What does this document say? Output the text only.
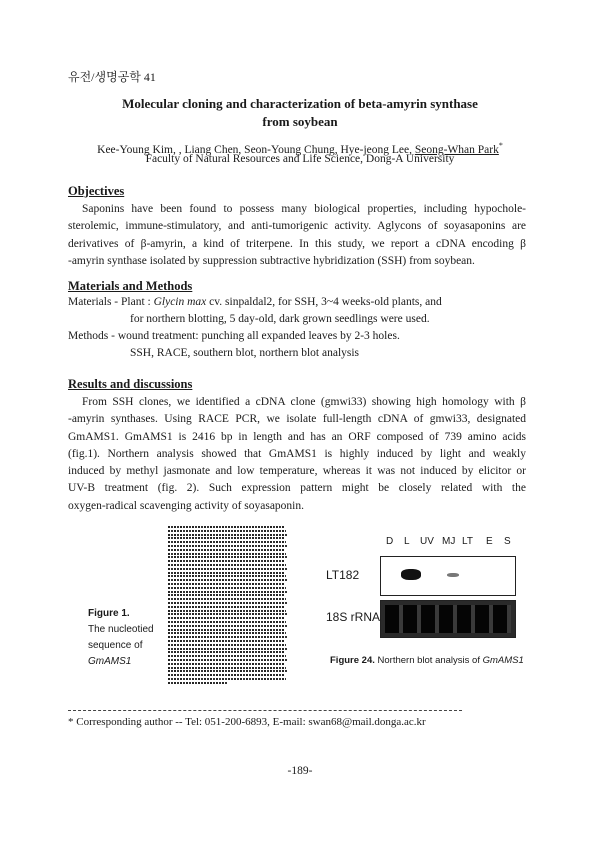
유전/생명공학 41
Molecular cloning and characterization of beta-amyrin synthase
from soybean
Kee-Young Kim, , Liang Chen, Seon-Young Chung, Hye-jeong Lee, Seong-Whan Park*
Faculty of Natural Resources and Life Science, Dong-A University
Objectives
Saponins have been found to possess many biological properties, including hypochole-
sterolemic, immune-stimulatory, and anti-tumorigenic activity. Aglycons of soyasaponins are
derivatives of β-amyrin, a kind of triterpene. In this study, we report a cDNA encoding β
-amyrin synthase isolated by suppression subtractive hybridization (SSH) from soybean.
Materials and Methods
Materials - Plant : Glycin max cv. sinpaldal2, for SSH, 3~4 weeks-old plants, and
for northern blotting, 5 day-old, dark grown seedlings were used.
Methods - wound treatment: punching all expanded leaves by 2-3 holes.
SSH, RACE, southern blot, northern blot analysis
Results and discussions
From SSH clones, we identified a cDNA clone (gmwi33) showing high homology with β
-amyrin synthases. Using RACE PCR, we isolate full-length cDNA of gmwi33, designated
GmAMS1. GmAMS1 is 2416 bp in length and has an ORF composed of 739 amino acids
(fig.1). Northern analysis showed that GmAMS1 is highly induced by light and weakly
induced by methyl jasmonate and low temperature, whereas it was not induced by elicitor or
UV-B treatment (fig. 2). Such expression pattern might be closely related with the
oxygen-radical scavenging activity of soyasaponin.
Figure 1.
The nucleotied
sequence of
GmAMS1
D L UV MJ LT E S
LT182
18S rRNA
Figure 24. Northern blot analysis of GmAMS1
* Corresponding author -- Tel: 051-200-6893, E-mail: swan68@mail.donga.ac.kr
-189-
